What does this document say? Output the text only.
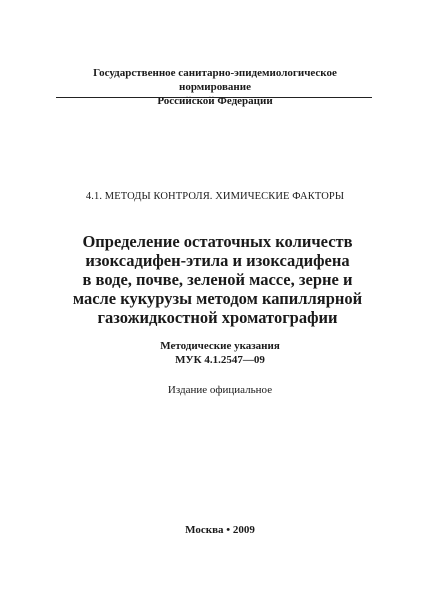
Государственное санитарно-эпидемиологическое нормирование
Российской Федерации
4.1. МЕТОДЫ КОНТРОЛЯ. ХИМИЧЕСКИЕ ФАКТОРЫ
Определение остаточных количеств
изоксадифен-этила и изоксадифена
в воде, почве, зеленой массе, зерне и
масле кукурузы методом капиллярной
газожидкостной хроматографии
Методические указания
МУК 4.1.2547—09
Издание официальное
Москва • 2009
